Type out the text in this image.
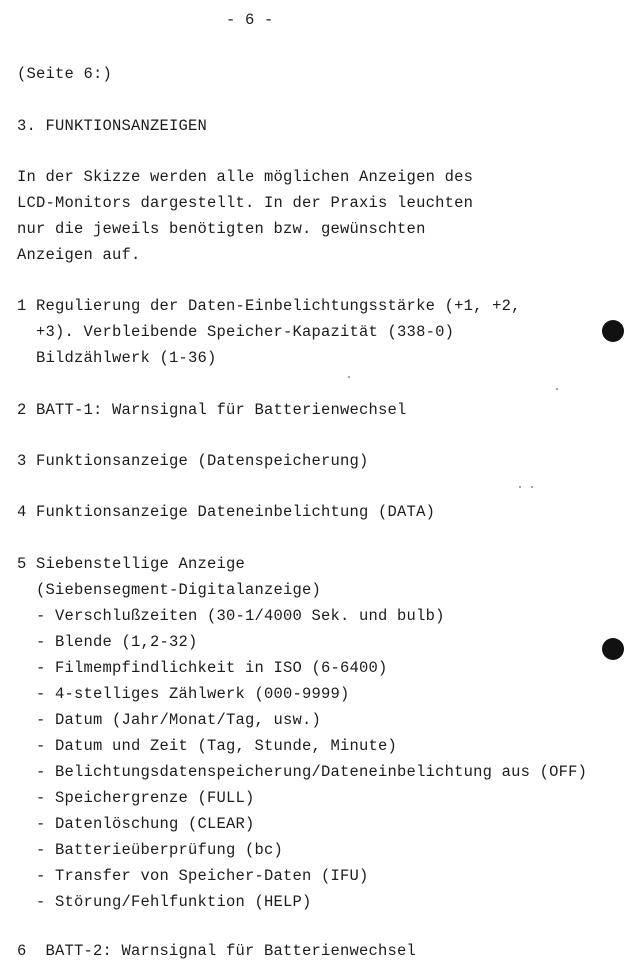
- 6 -
(Seite 6:)
3. FUNKTIONSANZEIGEN
In der Skizze werden alle möglichen Anzeigen des
LCD-Monitors dargestellt. In der Praxis leuchten
nur die jeweils benötigten bzw. gewünschten
Anzeigen auf.
1 Regulierung der Daten-Einbelichtungsstärke (+1, +2,
+3). Verbleibende Speicher-Kapazität (338-0)
Bildzählwerk (1-36)
2 BATT-1: Warnsignal für Batterienwechsel
3 Funktionsanzeige (Datenspeicherung)
4 Funktionsanzeige Dateneinbelichtung (DATA)
5 Siebenstellige Anzeige
(Siebensegment-Digitalanzeige)
- Verschlußzeiten (30-1/4000 Sek. und bulb)
- Blende (1,2-32)
- Filmempfindlichkeit in ISO (6-6400)
- 4-stelliges Zählwerk (000-9999)
- Datum (Jahr/Monat/Tag, usw.)
- Datum und Zeit (Tag, Stunde, Minute)
- Belichtungsdatenspeicherung/Dateneinbelichtung aus (OFF)
- Speichergrenze (FULL)
- Datenlöschung (CLEAR)
- Batterieüberprüfung (bc)
- Transfer von Speicher-Daten (IFU)
- Störung/Fehlfunktion (HELP)
6  BATT-2: Warnsignal für Batterienwechsel
